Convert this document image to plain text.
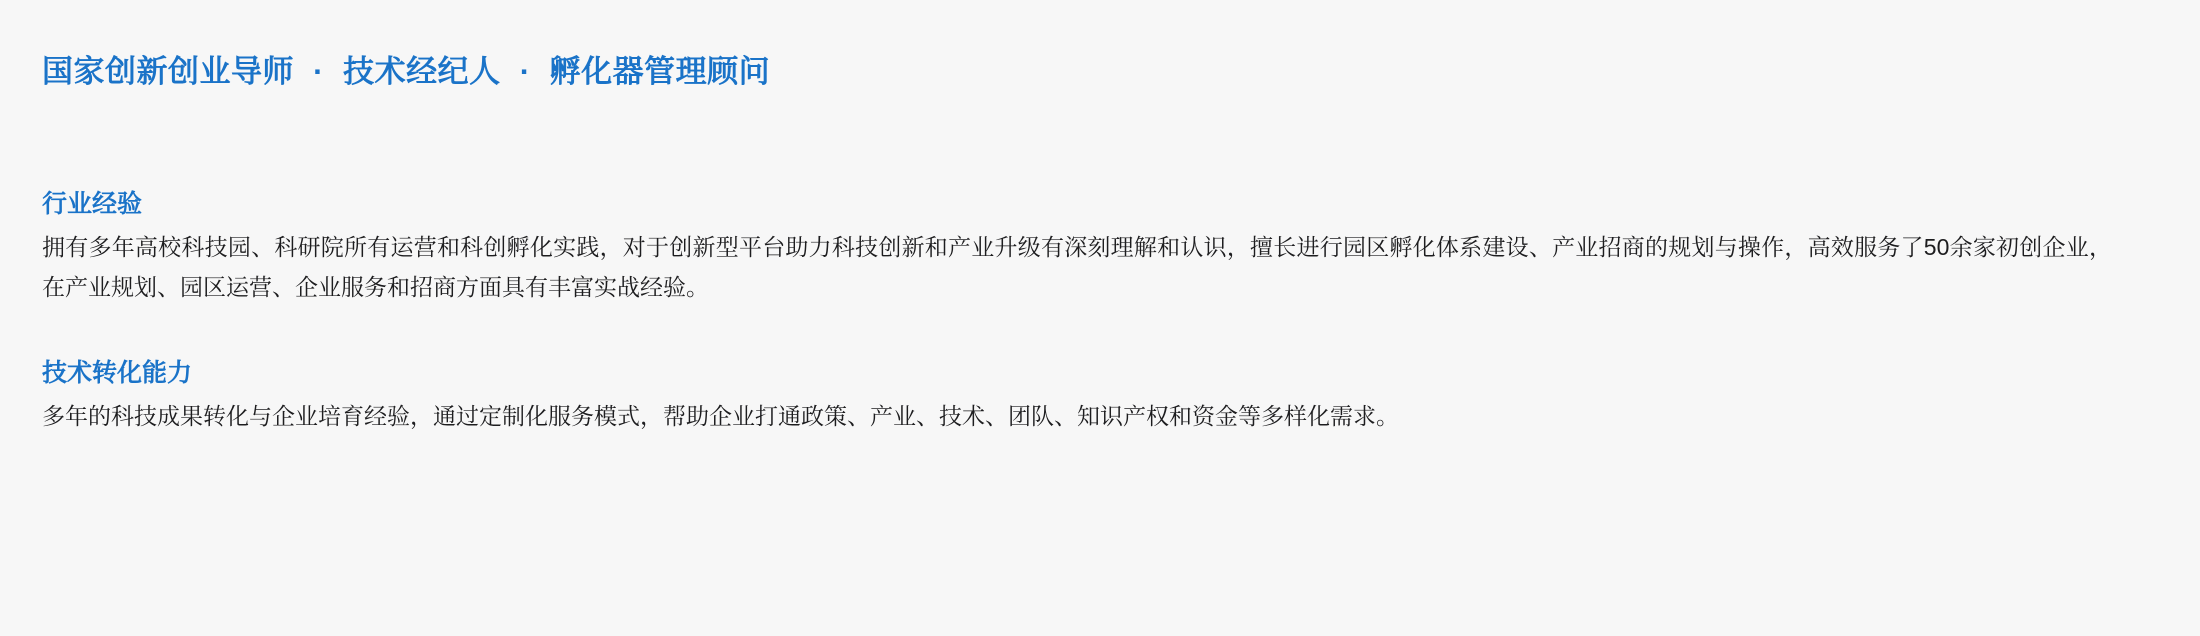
国家创新创业导师 · 技术经纪人 · 孵化器管理顾问
行业经验

拥有多年高校科技园、科研院所有运营和科创孵化实践，对于创新型平台助力科技创新和产业升级有深刻理解和认识，擅长进行园区孵化体系建设、产业招商的规划与操作，高效服务了50余家初创企业，在产业规划、园区运营、企业服务和招商方面具有丰富实战经验。

技术转化能力

多年的科技成果转化与企业培育经验，通过定制化服务模式，帮助企业打通政策、产业、技术、团队、知识产权和资金等多样化需求。
